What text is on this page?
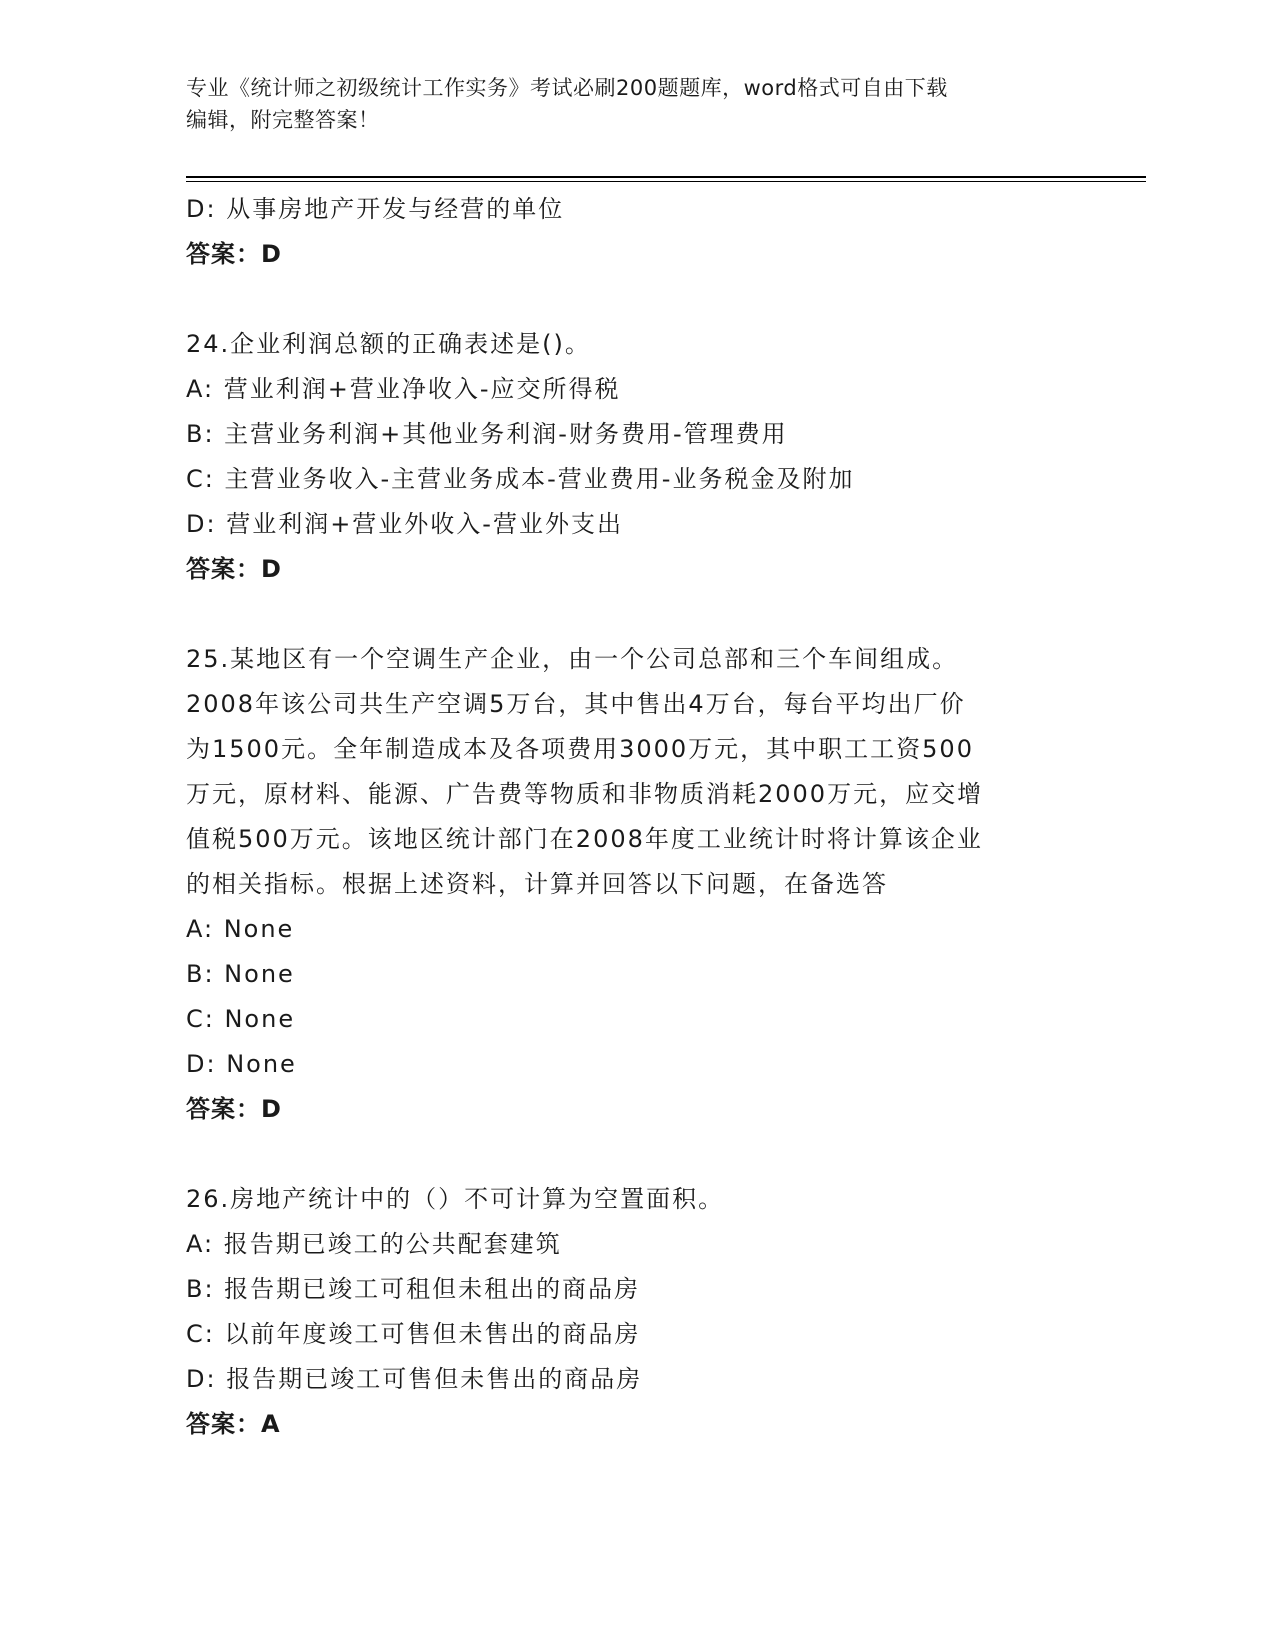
专业《统计师之初级统计工作实务》考试必刷200题题库，word格式可自由下载
编辑，附完整答案！
D: 从事房地产开发与经营的单位
答案：D
24.企业利润总额的正确表述是()。
A: 营业利润+营业净收入-应交所得税
B: 主营业务利润+其他业务利润-财务费用-管理费用
C: 主营业务收入-主营业务成本-营业费用-业务税金及附加
D: 营业利润+营业外收入-营业外支出
答案：D
25.某地区有一个空调生产企业，由一个公司总部和三个车间组成。
2008年该公司共生产空调5万台，其中售出4万台，每台平均出厂价
为1500元。全年制造成本及各项费用3000万元，其中职工工资500
万元，原材料、能源、广告费等物质和非物质消耗2000万元，应交增
值税500万元。该地区统计部门在2008年度工业统计时将计算该企业
的相关指标。根据上述资料，计算并回答以下问题，在备选答
A: None
B: None
C: None
D: None
答案：D
26.房地产统计中的（）不可计算为空置面积。
A: 报告期已竣工的公共配套建筑
B: 报告期已竣工可租但未租出的商品房
C: 以前年度竣工可售但未售出的商品房
D: 报告期已竣工可售但未售出的商品房
答案：A
